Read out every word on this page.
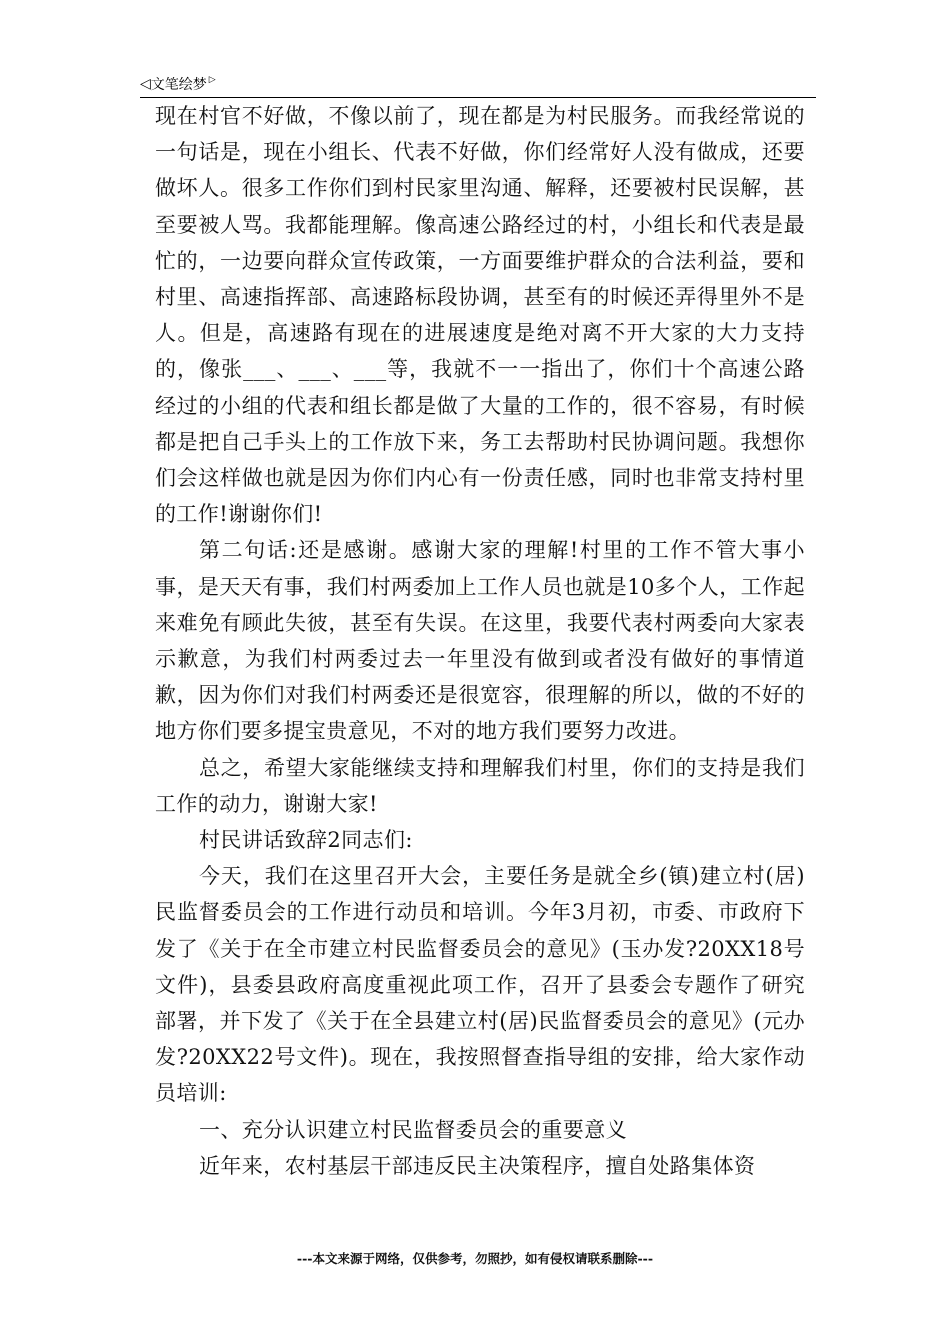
◁ 文笔绘梦 ▷

现在村官不好做，不像以前了，现在都是为村民服务。而我经常说的一句话是，现在小组长、代表不好做，你们经常好人没有做成，还要做坏人。很多工作你们到村民家里沟通、解释，还要被村民误解，甚至要被人骂。我都能理解。像高速公路经过的村，小组长和代表是最忙的，一边要向群众宣传政策，一方面要维护群众的合法利益，要和村里、高速指挥部、高速路标段协调，甚至有的时候还弄得里外不是人。但是，高速路有现在的进展速度是绝对离不开大家的大力支持的，像张___、___、___等，我就不一一指出了，你们十个高速公路经过的小组的代表和组长都是做了大量的工作的，很不容易，有时候都是把自己手头上的工作放下来，务工去帮助村民协调问题。我想你们会这样做也就是因为你们内心有一份责任感，同时也非常支持村里的工作!谢谢你们!

第二句话:还是感谢。感谢大家的理解!村里的工作不管大事小事，是天天有事，我们村两委加上工作人员也就是10多个人，工作起来难免有顾此失彼，甚至有失误。在这里，我要代表村两委向大家表示歉意，为我们村两委过去一年里没有做到或者没有做好的事情道歉，因为你们对我们村两委还是很宽容，很理解的所以，做的不好的地方你们要多提宝贵意见，不对的地方我们要努力改进。

总之，希望大家能继续支持和理解我们村里，你们的支持是我们工作的动力，谢谢大家!

村民讲话致辞2同志们:

今天，我们在这里召开大会，主要任务是就全乡(镇)建立村(居)民监督委员会的工作进行动员和培训。今年3月初，市委、市政府下发了《关于在全市建立村民监督委员会的意见》(玉办发?20XX18号文件)，县委县政府高度重视此项工作，召开了县委会专题作了研究部署，并下发了《关于在全县建立村(居)民监督委员会的意见》(元办发?20XX22号文件)。现在，我按照督查指导组的安排，给大家作动员培训:

一、充分认识建立村民监督委员会的重要意义

近年来，农村基层干部违反民主决策程序，擅自处路集体资

---本文来源于网络，仅供参考，勿照抄，如有侵权请联系删除---
